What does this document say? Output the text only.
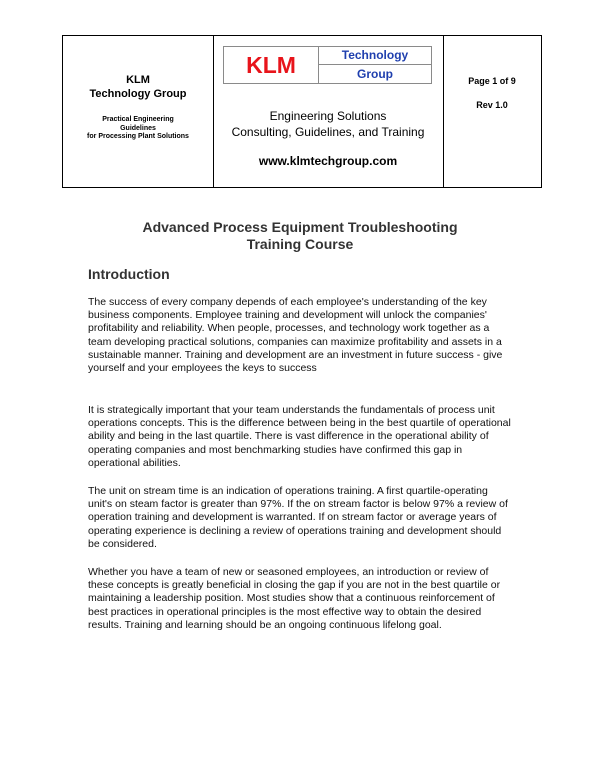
KLM
Technology Group
Practical Engineering
Guidelines
for Processing Plant Solutions
KLM	Technology
Group
Engineering Solutions
Consulting, Guidelines, and Training
www.klmtechgroup.com
Page 1 of 9
Rev 1.0
Advanced Process Equipment Troubleshooting
Training Course
Introduction

The success of every company depends of each employee's understanding of the key business components. Employee training and development will unlock the companies' profitability and reliability. When people, processes, and technology work together as a team developing practical solutions, companies can maximize profitability and assets in a sustainable manner. Training and development are an investment in future success - give yourself and your employees the keys to success

It is strategically important that your team understands the fundamentals of process unit operations concepts. This is the difference between being in the best quartile of operational ability and being in the last quartile. There is vast difference in the operational ability of operating companies and most benchmarking studies have confirmed this gap in operational abilities.

The unit on stream time is an indication of operations training. A first quartile-operating unit's on steam factor is greater than 97%. If the on stream factor is below 97% a review of operation training and development is warranted. If on stream factor or average years of operating experience is declining a review of operations training and development should be considered.

Whether you have a team of new or seasoned employees, an introduction or review of these concepts is greatly beneficial in closing the gap if you are not in the best quartile or maintaining a leadership position. Most studies show that a continuous reinforcement of best practices in operational principles is the most effective way to obtain the desired results. Training and learning should be an ongoing continuous lifelong goal.
